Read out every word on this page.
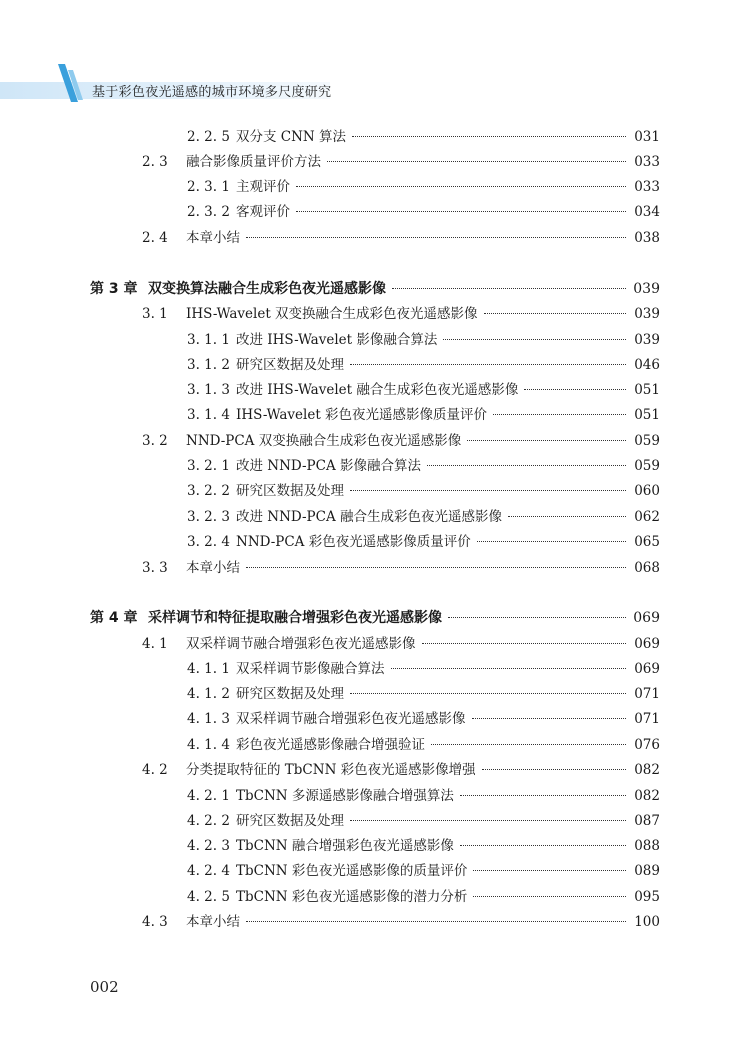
基于彩色夜光遥感的城市环境多尺度研究
2. 2. 5 双分支 CNN 算法	031
2. 3 融合影像质量评价方法	033
2. 3. 1 主观评价	033
2. 3. 2 客观评价	034
2. 4 本章小结	038
第 3 章 双变换算法融合生成彩色夜光遥感影像	039
3. 1 IHS-Wavelet 双变换融合生成彩色夜光遥感影像	039
3. 1. 1 改进 IHS-Wavelet 影像融合算法	039
3. 1. 2 研究区数据及处理	046
3. 1. 3 改进 IHS-Wavelet 融合生成彩色夜光遥感影像	051
3. 1. 4 IHS-Wavelet 彩色夜光遥感影像质量评价	051
3. 2 NND-PCA 双变换融合生成彩色夜光遥感影像	059
3. 2. 1 改进 NND-PCA 影像融合算法	059
3. 2. 2 研究区数据及处理	060
3. 2. 3 改进 NND-PCA 融合生成彩色夜光遥感影像	062
3. 2. 4 NND-PCA 彩色夜光遥感影像质量评价	065
3. 3 本章小结	068
第 4 章 采样调节和特征提取融合增强彩色夜光遥感影像	069
4. 1 双采样调节融合增强彩色夜光遥感影像	069
4. 1. 1 双采样调节影像融合算法	069
4. 1. 2 研究区数据及处理	071
4. 1. 3 双采样调节融合增强彩色夜光遥感影像	071
4. 1. 4 彩色夜光遥感影像融合增强验证	076
4. 2 分类提取特征的 TbCNN 彩色夜光遥感影像增强	082
4. 2. 1 TbCNN 多源遥感影像融合增强算法	082
4. 2. 2 研究区数据及处理	087
4. 2. 3 TbCNN 融合增强彩色夜光遥感影像	088
4. 2. 4 TbCNN 彩色夜光遥感影像的质量评价	089
4. 2. 5 TbCNN 彩色夜光遥感影像的潜力分析	095
4. 3 本章小结	100
002
